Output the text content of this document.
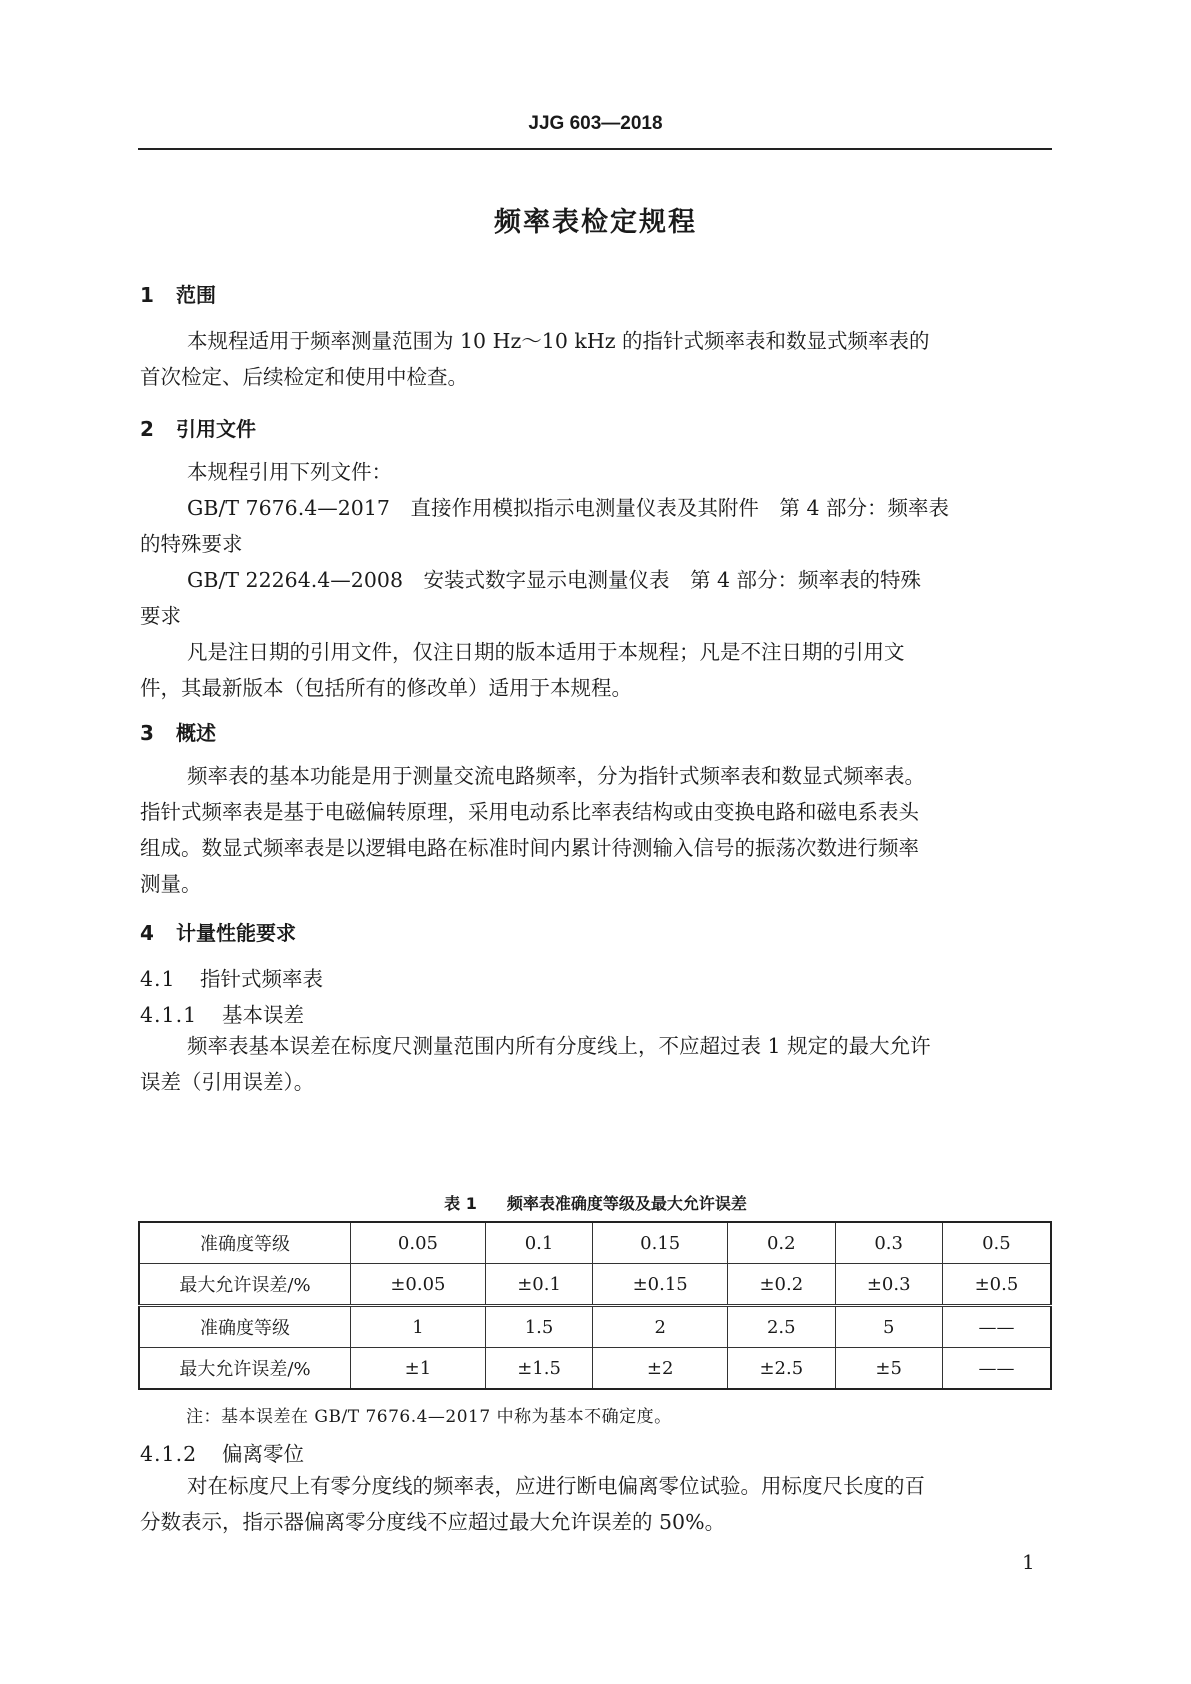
JJG 603—2018
频率表检定规程
1 范围
本规程适用于频率测量范围为 10 Hz～10 kHz 的指针式频率表和数显式频率表的
首次检定、后续检定和使用中检查。
2 引用文件
本规程引用下列文件：
GB/T 7676.4—2017　直接作用模拟指示电测量仪表及其附件　第 4 部分：频率表
的特殊要求
GB/T 22264.4—2008　安装式数字显示电测量仪表　第 4 部分：频率表的特殊
要求
凡是注日期的引用文件，仅注日期的版本适用于本规程；凡是不注日期的引用文
件，其最新版本（包括所有的修改单）适用于本规程。
3 概述
频率表的基本功能是用于测量交流电路频率，分为指针式频率表和数显式频率表。
指针式频率表是基于电磁偏转原理，采用电动系比率表结构或由变换电路和磁电系表头
组成。数显式频率表是以逻辑电路在标准时间内累计待测输入信号的振荡次数进行频率
测量。
4 计量性能要求
4.1 指针式频率表
4.1.1 基本误差
频率表基本误差在标度尺测量范围内所有分度线上，不应超过表 1 规定的最大允许
误差（引用误差）。
表 1 频率表准确度等级及最大允许误差
准确度等级	0.05	0.1	0.15	0.2	0.3	0.5
最大允许误差/%	±0.05	±0.1	±0.15	±0.2	±0.3	±0.5
准确度等级	1	1.5	2	2.5	5	——
最大允许误差/%	±1	±1.5	±2	±2.5	±5	——
注：基本误差在 GB/T 7676.4—2017 中称为基本不确定度。
4.1.2 偏离零位
对在标度尺上有零分度线的频率表，应进行断电偏离零位试验。用标度尺长度的百
分数表示，指示器偏离零分度线不应超过最大允许误差的 50%。
1
